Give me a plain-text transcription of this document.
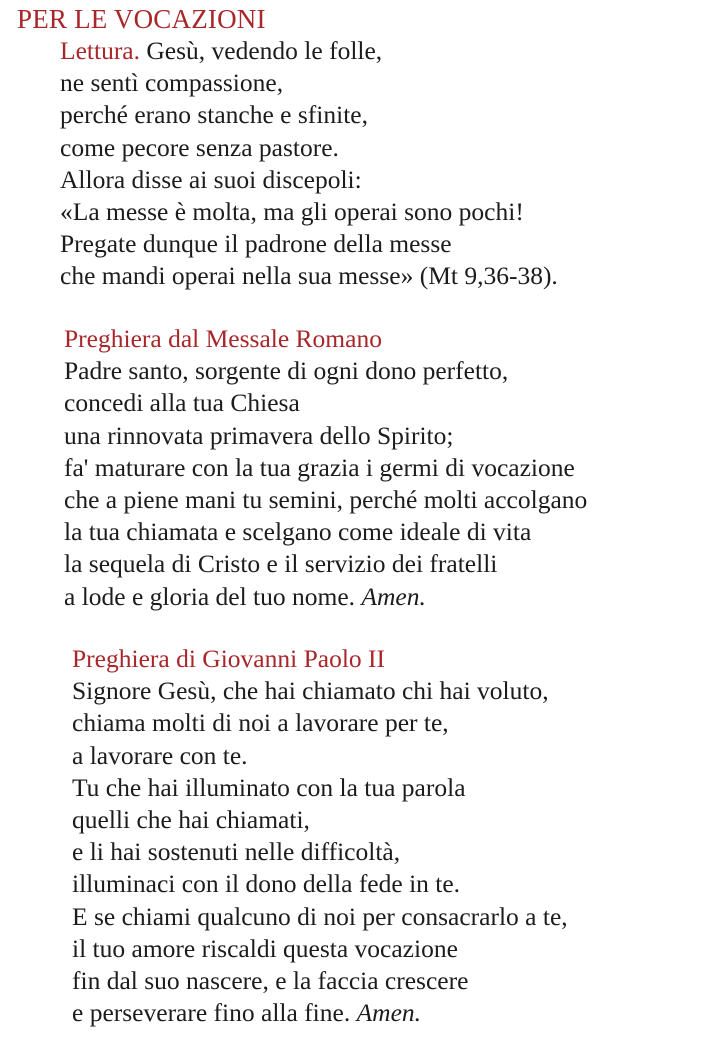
PER LE VOCAZIONI
Lettura. Gesù, vedendo le folle,
ne sentì compassione,
perché erano stanche e sfinite,
come pecore senza pastore.
Allora disse ai suoi discepoli:
«La messe è molta, ma gli operai sono pochi!
Pregate dunque il padrone della messe
che mandi operai nella sua messe» (Mt 9,36-38).
Preghiera dal Messale Romano
Padre santo, sorgente di ogni dono perfetto,
concedi alla tua Chiesa
una rinnovata primavera dello Spirito;
fa' maturare con la tua grazia i germi di vocazione
che a piene mani tu semini, perché molti accolgano
la tua chiamata e scelgano come ideale di vita
la sequela di Cristo e il servizio dei fratelli
a lode e gloria del tuo nome. Amen.
Preghiera di Giovanni Paolo II
Signore Gesù, che hai chiamato chi hai voluto,
chiama molti di noi a lavorare per te,
a lavorare con te.
Tu che hai illuminato con la tua parola
quelli che hai chiamati,
e li hai sostenuti nelle difficoltà,
illuminaci con il dono della fede in te.
E se chiami qualcuno di noi per consacrarlo a te,
il tuo amore riscaldi questa vocazione
fin dal suo nascere, e la faccia crescere
e perseverare fino alla fine. Amen.
